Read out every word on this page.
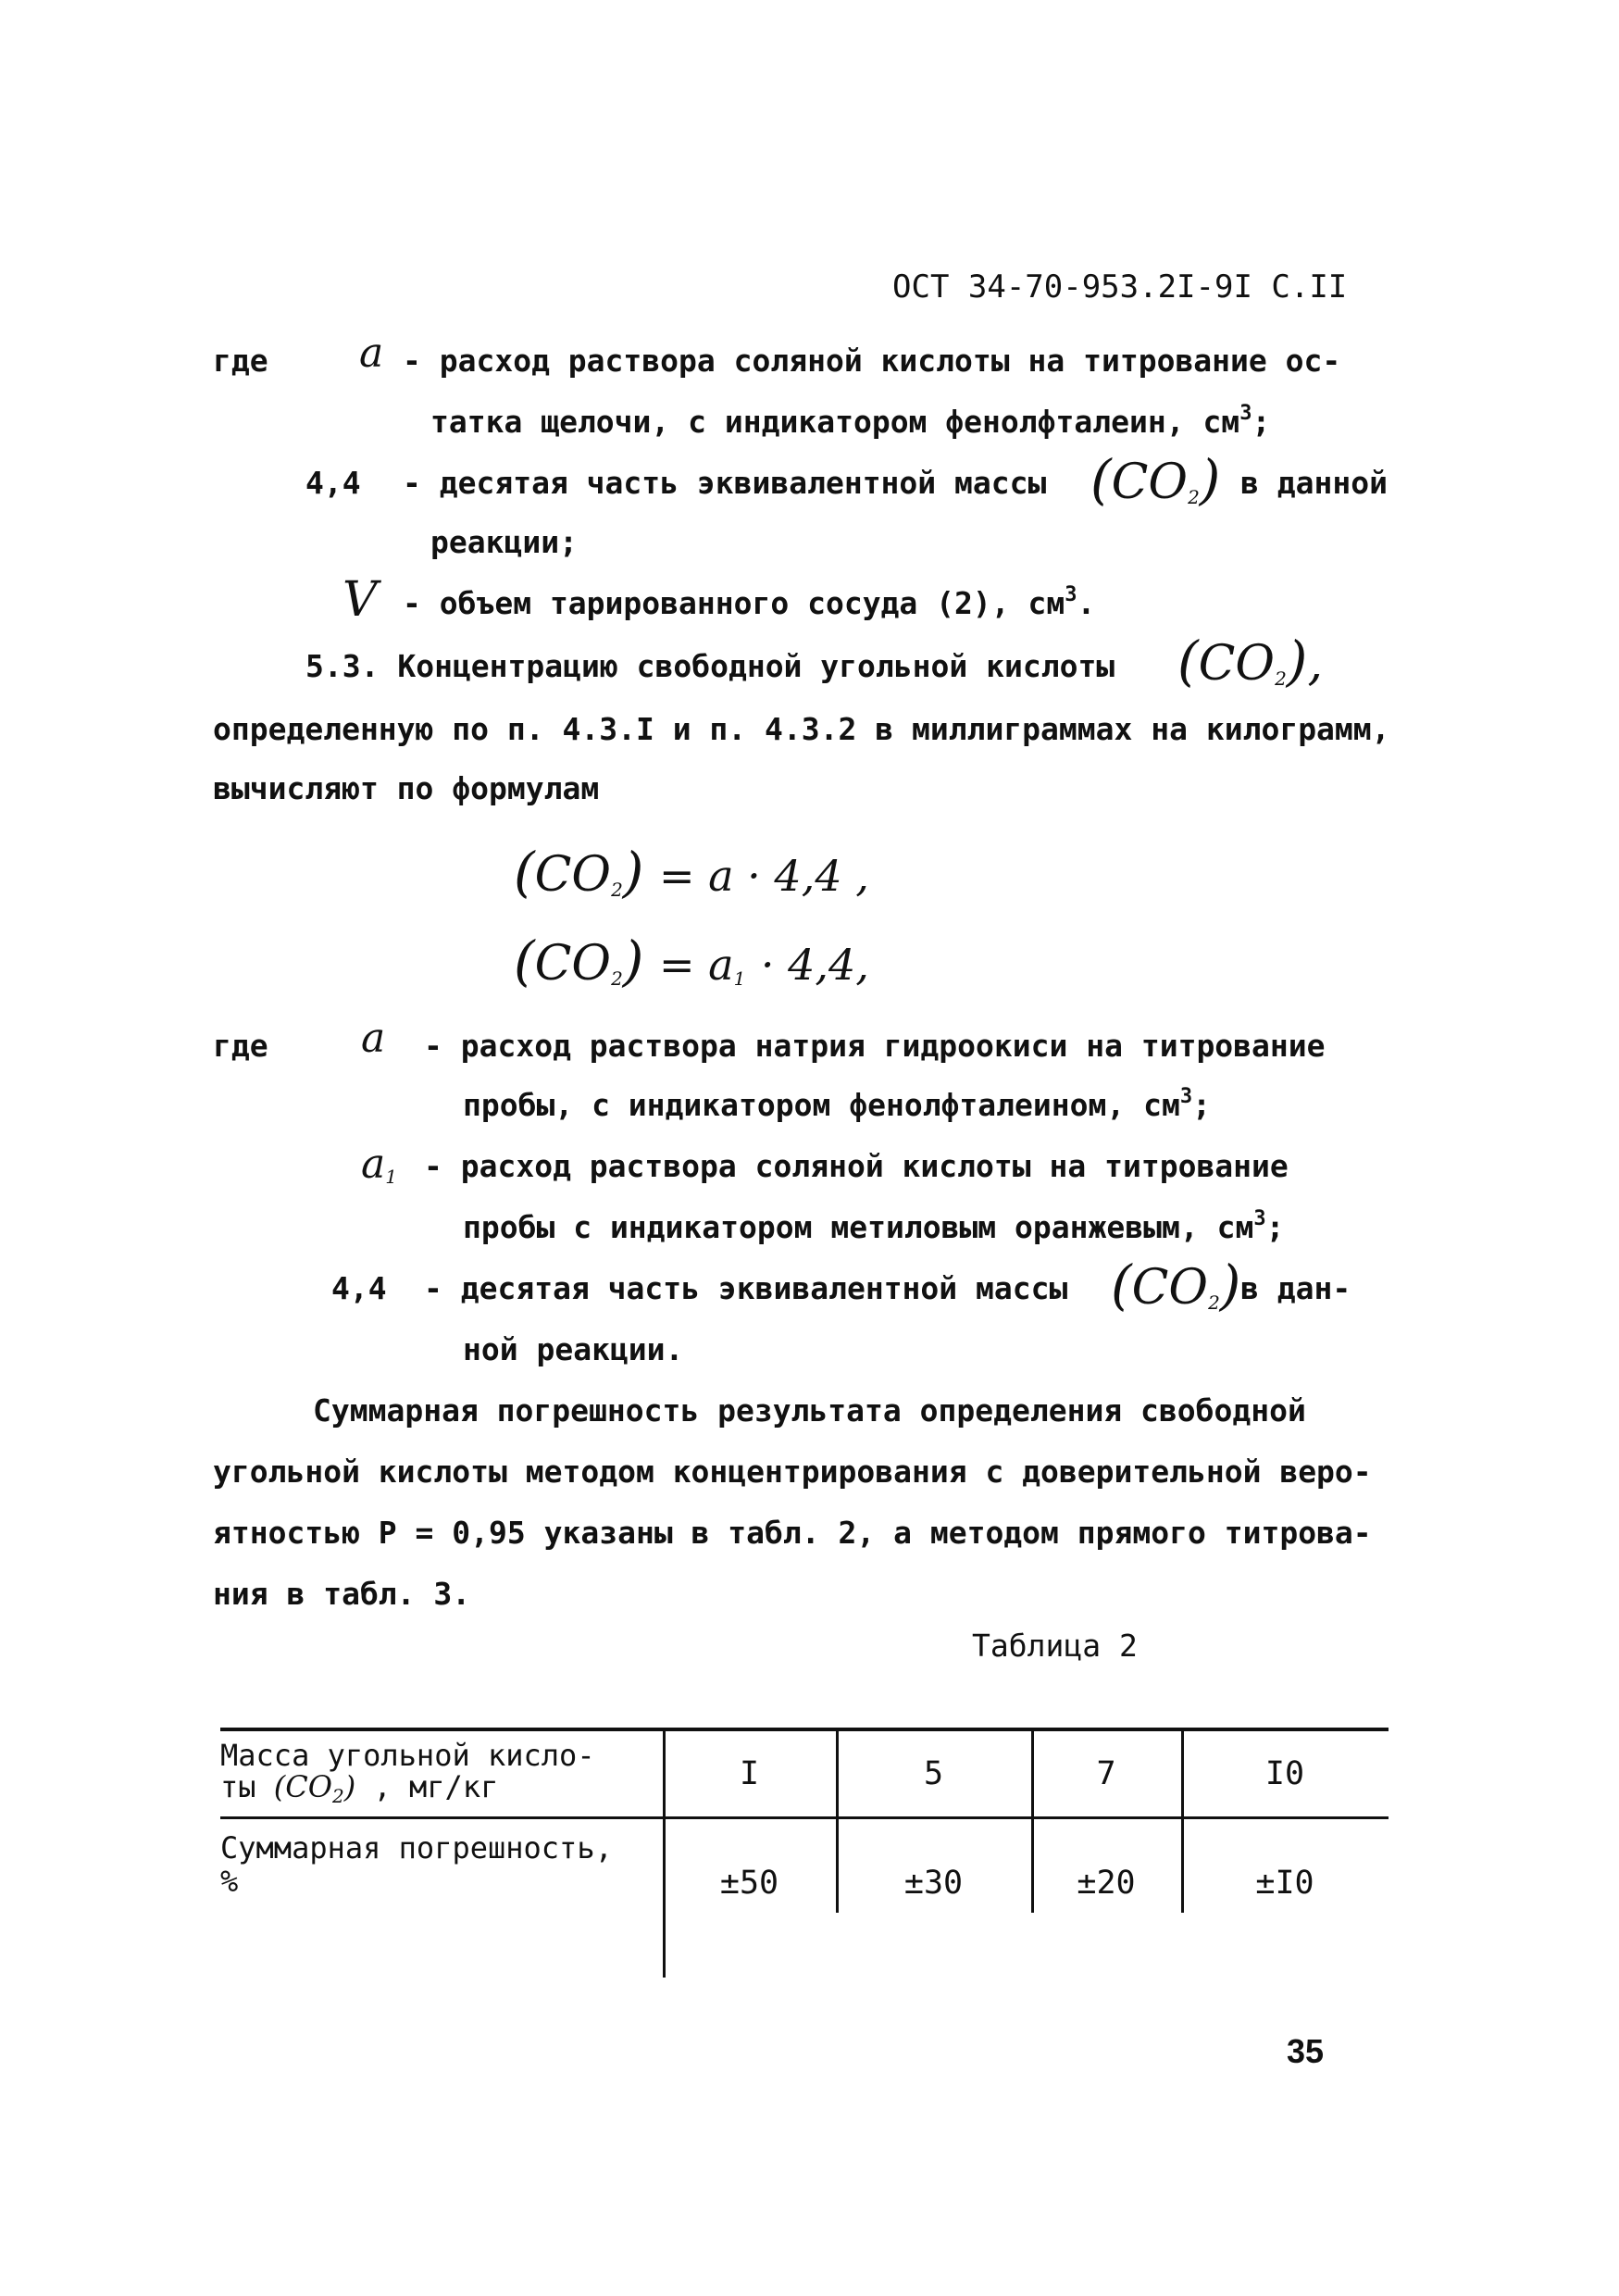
ОСТ 34-70-953.2I-9I С.II
где a - расход раствора соляной кислоты на титрование ос-
татка щелочи, с индикатором фенолфталеин, $см^3$;
4,4 - десятая часть эквивалентной массы $(CO_2)$ в данной
реакции;
V - объем тарированного сосуда (2), $см^3$.
5.3. Концентрацию свободной угольной кислоты $(CO_2)$,
определенную по п. 4.3.I и п. 4.3.2 в миллиграммах на килограмм,
вычисляют по формулам
$(CO_2) = a \cdot 4,4$ ,
$(CO_2) = a_1 \cdot 4,4$,
где a - расход раствора натрия гидроокиси на титрование
пробы, с индикатором фенолфталеином, $см^3$;
$a_1$ - расход раствора соляной кислоты на титрование
пробы с индикатором метиловым оранжевым, $см^3$;
4,4 - десятая часть эквивалентной массы $(CO_2)$ в дан-
ной реакции.
Суммарная погрешность результата определения свободной
угольной кислоты методом концентрирования с доверительной веро-
ятностью P = 0,95 указаны в табл. 2, а методом прямого титрова-
ния в табл. 3.
Таблица 2
Масса угольной кисло-
ты $(CO_2)$ , мг/кг	I	5	7	I0
Суммарная погрешность,
%	±50	±30	±20	±I0
35
